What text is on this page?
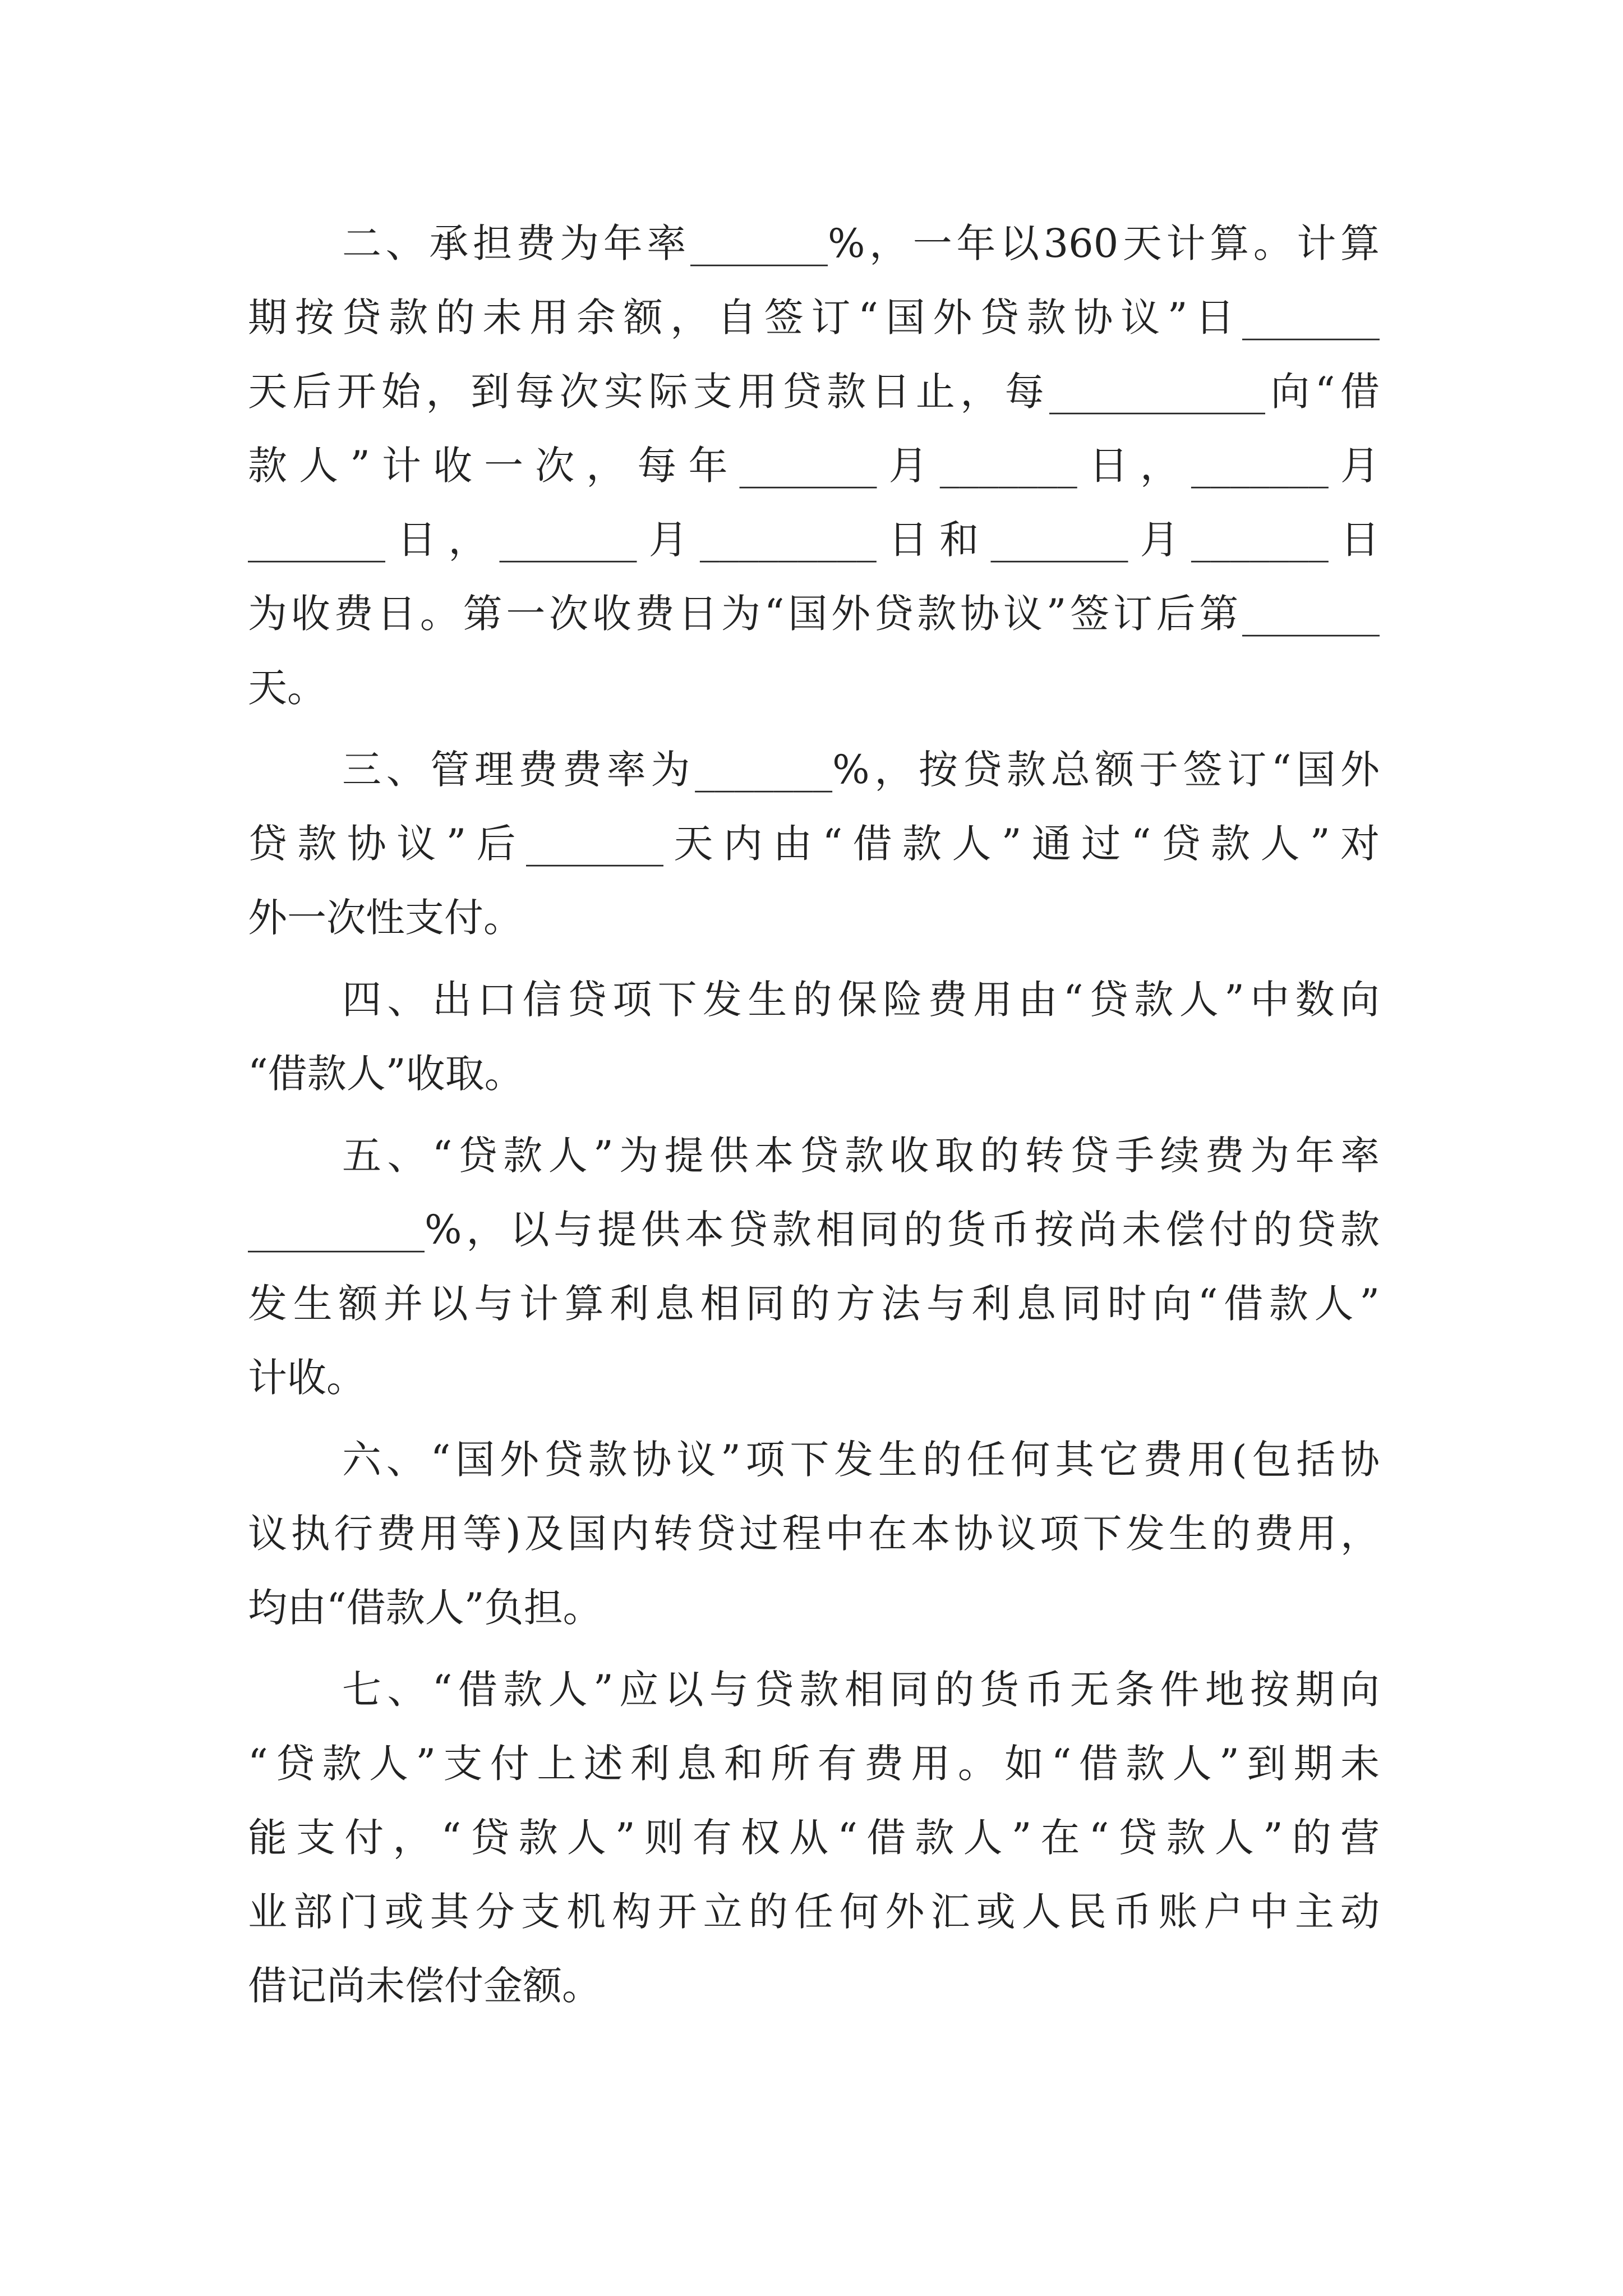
二、承担费为年率_______%，一年以360天计算。计算
期按贷款的未用余额，自签订“国外贷款协议”日_______
天后开始，到每次实际支用贷款日止，每___________向“借
款人”计收一次，每年_______月_______日，_______月
_______日，_______月_________日和_______月_______日
为收费日。第一次收费日为“国外贷款协议”签订后第_______
天。
三、管理费费率为_______%，按贷款总额于签订“国外
贷款协议”后_______天内由“借款人”通过“贷款人”对
外一次性支付。
四、出口信贷项下发生的保险费用由“贷款人”中数向
“借款人”收取。
五、“贷款人”为提供本贷款收取的转贷手续费为年率
_________%，以与提供本贷款相同的货币按尚未偿付的贷款
发生额并以与计算利息相同的方法与利息同时向“借款人”
计收。
六、“国外贷款协议”项下发生的任何其它费用(包括协
议执行费用等)及国内转贷过程中在本协议项下发生的费用，
均由“借款人”负担。
七、“借款人”应以与贷款相同的货币无条件地按期向
“贷款人”支付上述利息和所有费用。如“借款人”到期未
能支付，“贷款人”则有权从“借款人”在“贷款人”的营
业部门或其分支机构开立的任何外汇或人民币账户中主动
借记尚未偿付金额。
